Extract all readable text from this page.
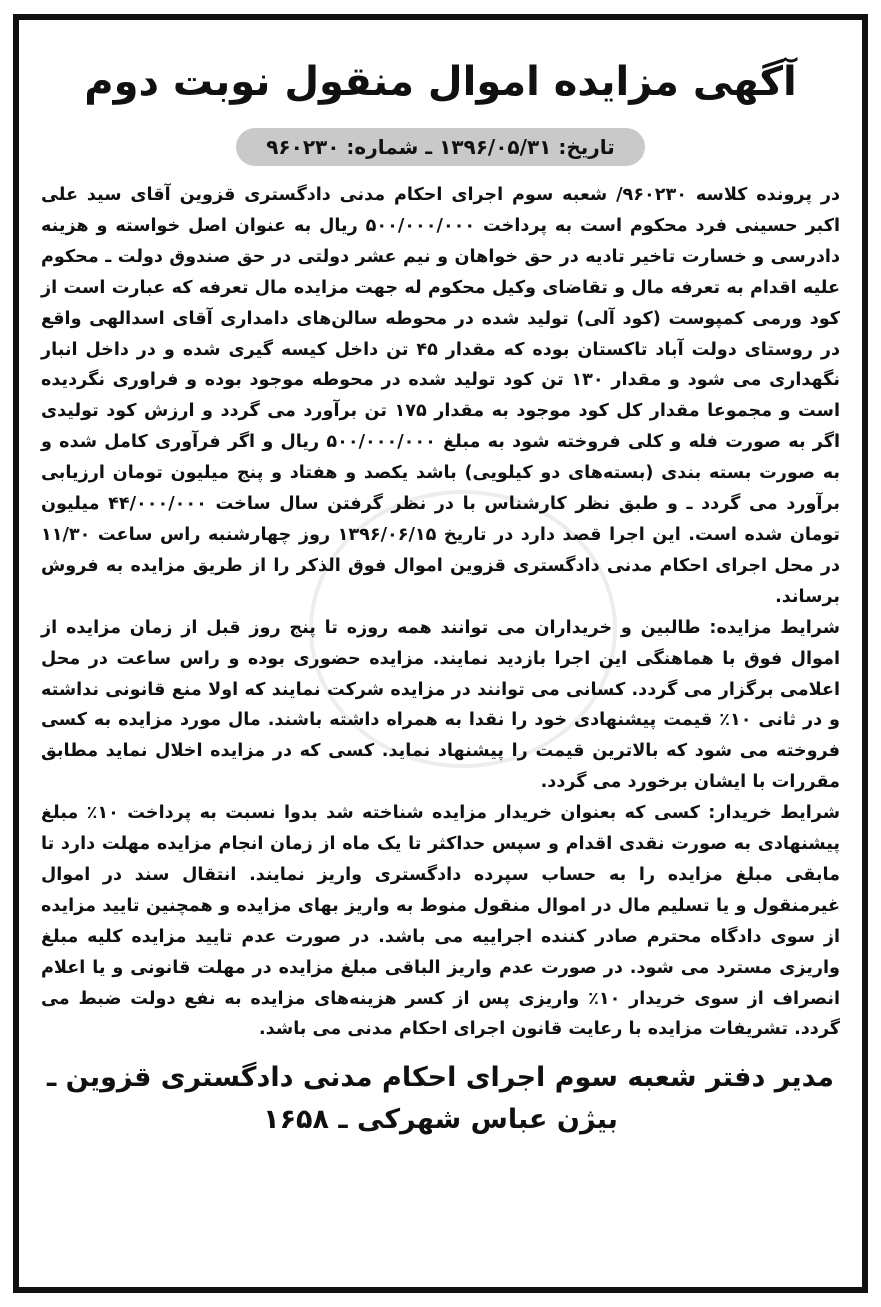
آگهی مزایده اموال منقول نوبت دوم
تاریخ: ۱۳۹۶/۰۵/۳۱ ـ شماره: ۹۶۰۲۳۰

در پرونده کلاسه ۹۶۰۲۳۰/ شعبه سوم اجرای احکام مدنی دادگستری قزوین آقای سید علی اکبر حسینی فرد محکوم است به پرداخت ۵۰۰/۰۰۰/۰۰۰ ریال به عنوان اصل خواسته و هزینه دادرسی و خسارت تاخیر تادیه در حق خواهان و نیم عشر دولتی در حق صندوق دولت ـ محکوم علیه اقدام به تعرفه مال و تقاضای وکیل محکوم له جهت مزایده مال تعرفه که عبارت است از کود ورمی کمپوست (کود آلی) تولید شده در محوطه سالن‌های دامداری آقای اسدالهی واقع در روستای دولت آباد تاکستان بوده که مقدار ۴۵ تن داخل کیسه گیری شده و در داخل انبار نگهداری می شود و مقدار ۱۳۰ تن کود تولید شده در محوطه موجود بوده و فراوری نگردیده است و مجموعا مقدار کل کود موجود به مقدار ۱۷۵ تن برآورد می گردد و ارزش کود تولیدی اگر به صورت فله و کلی فروخته شود به مبلغ ۵۰۰/۰۰۰/۰۰۰ ریال و اگر فرآوری کامل شده و به صورت بسته بندی (بسته‌های دو کیلویی) باشد یکصد و هفتاد و پنج میلیون تومان ارزیابی برآورد می گردد ـ و طبق نظر کارشناس با در نظر گرفتن سال ساخت ۴۴/۰۰۰/۰۰۰ میلیون تومان شده است. این اجرا قصد دارد در تاریخ ۱۳۹۶/۰۶/۱۵ روز چهارشنبه راس ساعت ۱۱/۳۰ در محل اجرای احکام مدنی دادگستری قزوین اموال فوق الذکر را از طریق مزایده به فروش برساند.

شرایط مزایده: طالبین و خریداران می توانند همه روزه تا پنج روز قبل از زمان مزایده از اموال فوق با هماهنگی این اجرا بازدید نمایند. مزایده حضوری بوده و راس ساعت در محل اعلامی برگزار می گردد. کسانی می توانند در مزایده شرکت نمایند که اولا منع قانونی نداشته و در ثانی ۱۰٪ قیمت پیشنهادی خود را نقدا به همراه داشته باشند. مال مورد مزایده به کسی فروخته می شود که بالاترین قیمت را پیشنهاد نماید. کسی که در مزایده اخلال نماید مطابق مقررات با ایشان برخورد می گردد.

شرایط خریدار: کسی که بعنوان خریدار مزایده شناخته شد بدوا نسبت به پرداخت ۱۰٪ مبلغ پیشنهادی به صورت نقدی اقدام و سپس حداکثر تا یک ماه از زمان انجام مزایده مهلت دارد تا مابقی مبلغ مزایده را به حساب سپرده دادگستری واریز نمایند. انتقال سند در اموال غیرمنقول و یا تسلیم مال در اموال منقول منوط به واریز بهای مزایده و همچنین تایید مزایده از سوی دادگاه محترم صادر کننده اجراییه می باشد. در صورت عدم تایید مزایده کلیه مبلغ واریزی مسترد می شود. در صورت عدم واریز الباقی مبلغ مزایده در مهلت قانونی و یا اعلام انصراف از سوی خریدار ۱۰٪ واریزی پس از کسر هزینه‌های مزایده به نفع دولت ضبط می گردد. تشریفات مزایده با رعایت قانون اجرای احکام مدنی می باشد.

مدیر دفتر شعبه سوم اجرای احکام مدنی دادگستری قزوین ـ بیژن عباس شهرکی ـ ۱۶۵۸
